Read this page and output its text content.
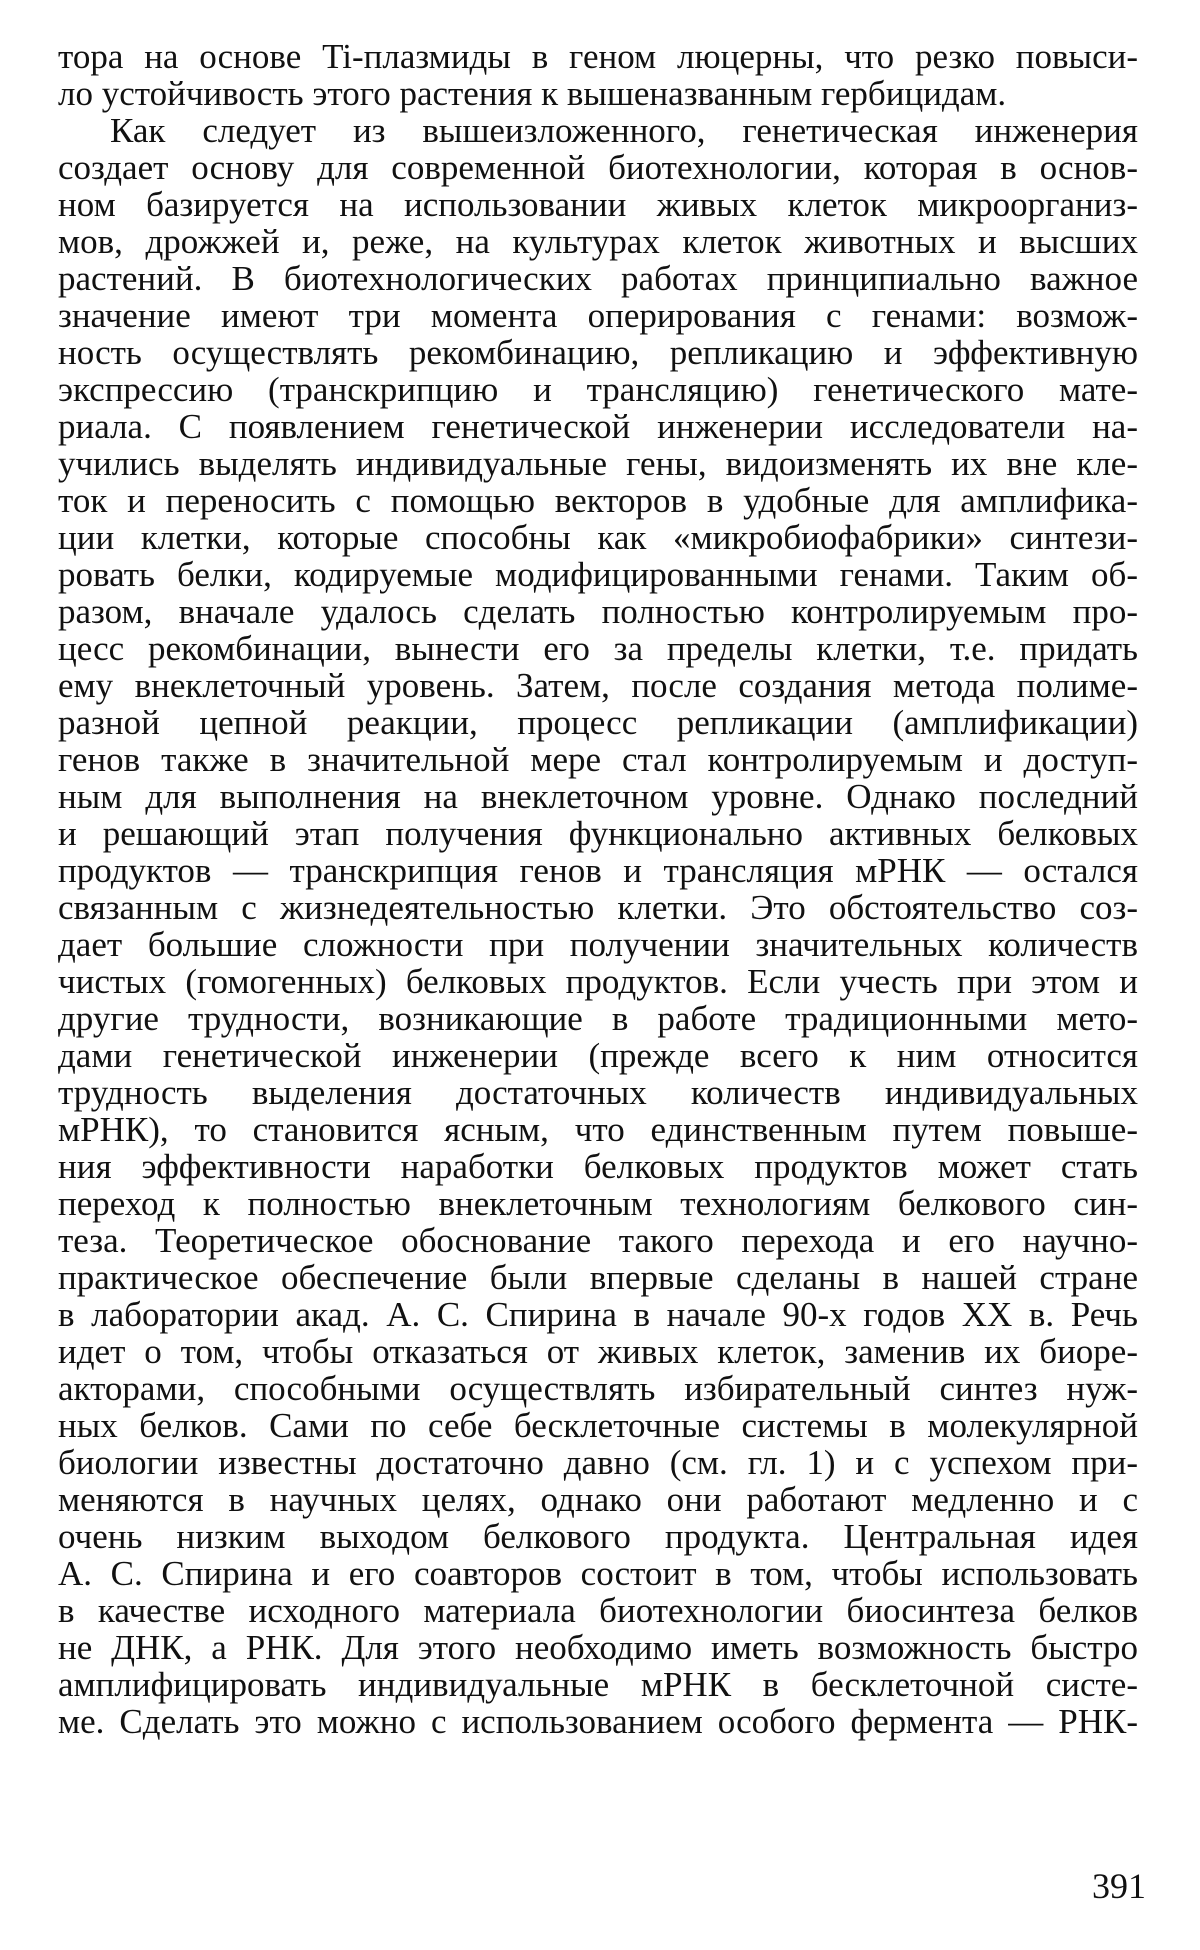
тора на основе Ti-плазмиды в геном люцерны, что резко повыси-
ло устойчивость этого растения к вышеназванным гербицидам.
Как следует из вышеизложенного, генетическая инженерия
создает основу для современной биотехнологии, которая в основ-
ном базируется на использовании живых клеток микроорганиз-
мов, дрожжей и, реже, на культурах клеток животных и высших
растений. В биотехнологических работах принципиально важное
значение имеют три момента оперирования с генами: возмож-
ность осуществлять рекомбинацию, репликацию и эффективную
экспрессию (транскрипцию и трансляцию) генетического мате-
риала. С появлением генетической инженерии исследователи на-
учились выделять индивидуальные гены, видоизменять их вне кле-
ток и переносить с помощью векторов в удобные для амплифика-
ции клетки, которые способны как «микробиофабрики» синтези-
ровать белки, кодируемые модифицированными генами. Таким об-
разом, вначале удалось сделать полностью контролируемым про-
цесс рекомбинации, вынести его за пределы клетки, т.е. придать
ему внеклеточный уровень. Затем, после создания метода полиме-
разной цепной реакции, процесс репликации (амплификации)
генов также в значительной мере стал контролируемым и доступ-
ным для выполнения на внеклеточном уровне. Однако последний
и решающий этап получения функционально активных белковых
продуктов — транскрипция генов и трансляция мРНК — остался
связанным с жизнедеятельностью клетки. Это обстоятельство соз-
дает большие сложности при получении значительных количеств
чистых (гомогенных) белковых продуктов. Если учесть при этом и
другие трудности, возникающие в работе традиционными мето-
дами генетической инженерии (прежде всего к ним относится
трудность выделения достаточных количеств индивидуальных
мРНК), то становится ясным, что единственным путем повыше-
ния эффективности наработки белковых продуктов может стать
переход к полностью внеклеточным технологиям белкового син-
теза. Теоретическое обоснование такого перехода и его научно-
практическое обеспечение были впервые сделаны в нашей стране
в лаборатории акад. А. С. Спирина в начале 90-х годов XX в. Речь
идет о том, чтобы отказаться от живых клеток, заменив их биоре-
акторами, способными осуществлять избирательный синтез нуж-
ных белков. Сами по себе бесклеточные системы в молекулярной
биологии известны достаточно давно (см. гл. 1) и с успехом при-
меняются в научных целях, однако они работают медленно и с
очень низким выходом белкового продукта. Центральная идея
А. С. Спирина и его соавторов состоит в том, чтобы использовать
в качестве исходного материала биотехнологии биосинтеза белков
не ДНК, а РНК. Для этого необходимо иметь возможность быстро
амплифицировать индивидуальные мРНК в бесклеточной систе-
ме. Сделать это можно с использованием особого фермента — РНК-
391
